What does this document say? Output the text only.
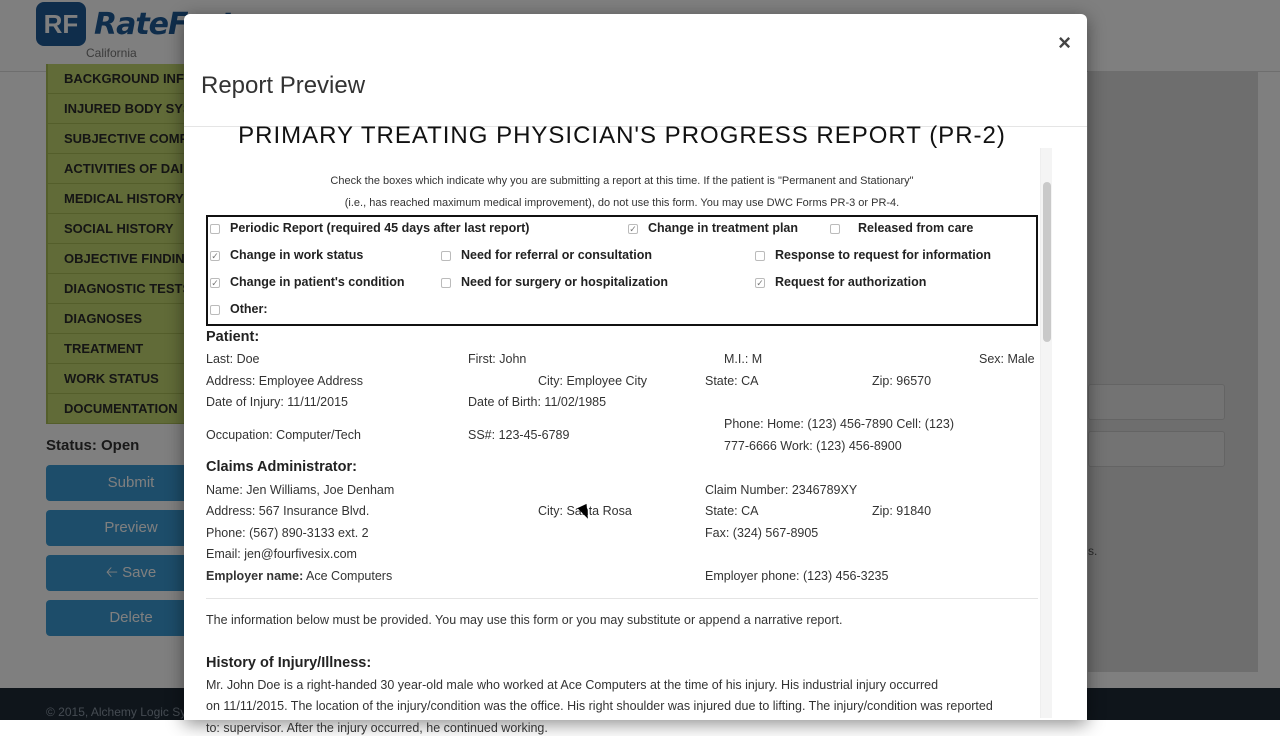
Report Preview
×
PRIMARY TREATING PHYSICIAN'S PROGRESS REPORT (PR-2)
Check the boxes which indicate why you are submitting a report at this time. If the patient is "Permanent and Stationary"
(i.e., has reached maximum medical improvement), do not use this form. You may use DWC Forms PR-3 or PR-4.
Periodic Report (required 45 days after last report)	✓ Change in treatment plan	Released from care
✓ Change in work status	Need for referral or consultation	Response to request for information
✓ Change in patient's condition	Need for surgery or hospitalization	✓ Request for authorization
Other:
Patient:
Last: Doe	First: John	M.I.: M	Sex: Male
Address: Employee Address	City: Employee City	State: CA	Zip: 96570
Date of Injury: 11/11/2015	Date of Birth: 11/02/1985
Phone: Home: (123) 456-7890 Cell: (123)
Occupation: Computer/Tech	SS#: 123-45-6789
777-6666 Work: (123) 456-8900
Claims Administrator:
Name: Jen Williams, Joe Denham	Claim Number: 2346789XY
Address: 567 Insurance Blvd.	City: Santa Rosa	State: CA	Zip: 91840
Phone: (567) 890-3133 ext. 2	Fax: (324) 567-8905
Email: jen@fourfivesix.com
Employer name: Ace Computers	Employer phone: (123) 456-3235
The information below must be provided. You may use this form or you may substitute or append a narrative report.
History of Injury/Illness:
Mr. John Doe is a right-handed 30 year-old male who worked at Ace Computers at the time of his injury. His industrial injury occurred
on 11/11/2015. The location of the injury/condition was the office. His right shoulder was injured due to lifting. The injury/condition was reported
to: supervisor. After the injury occurred, he continued working.
